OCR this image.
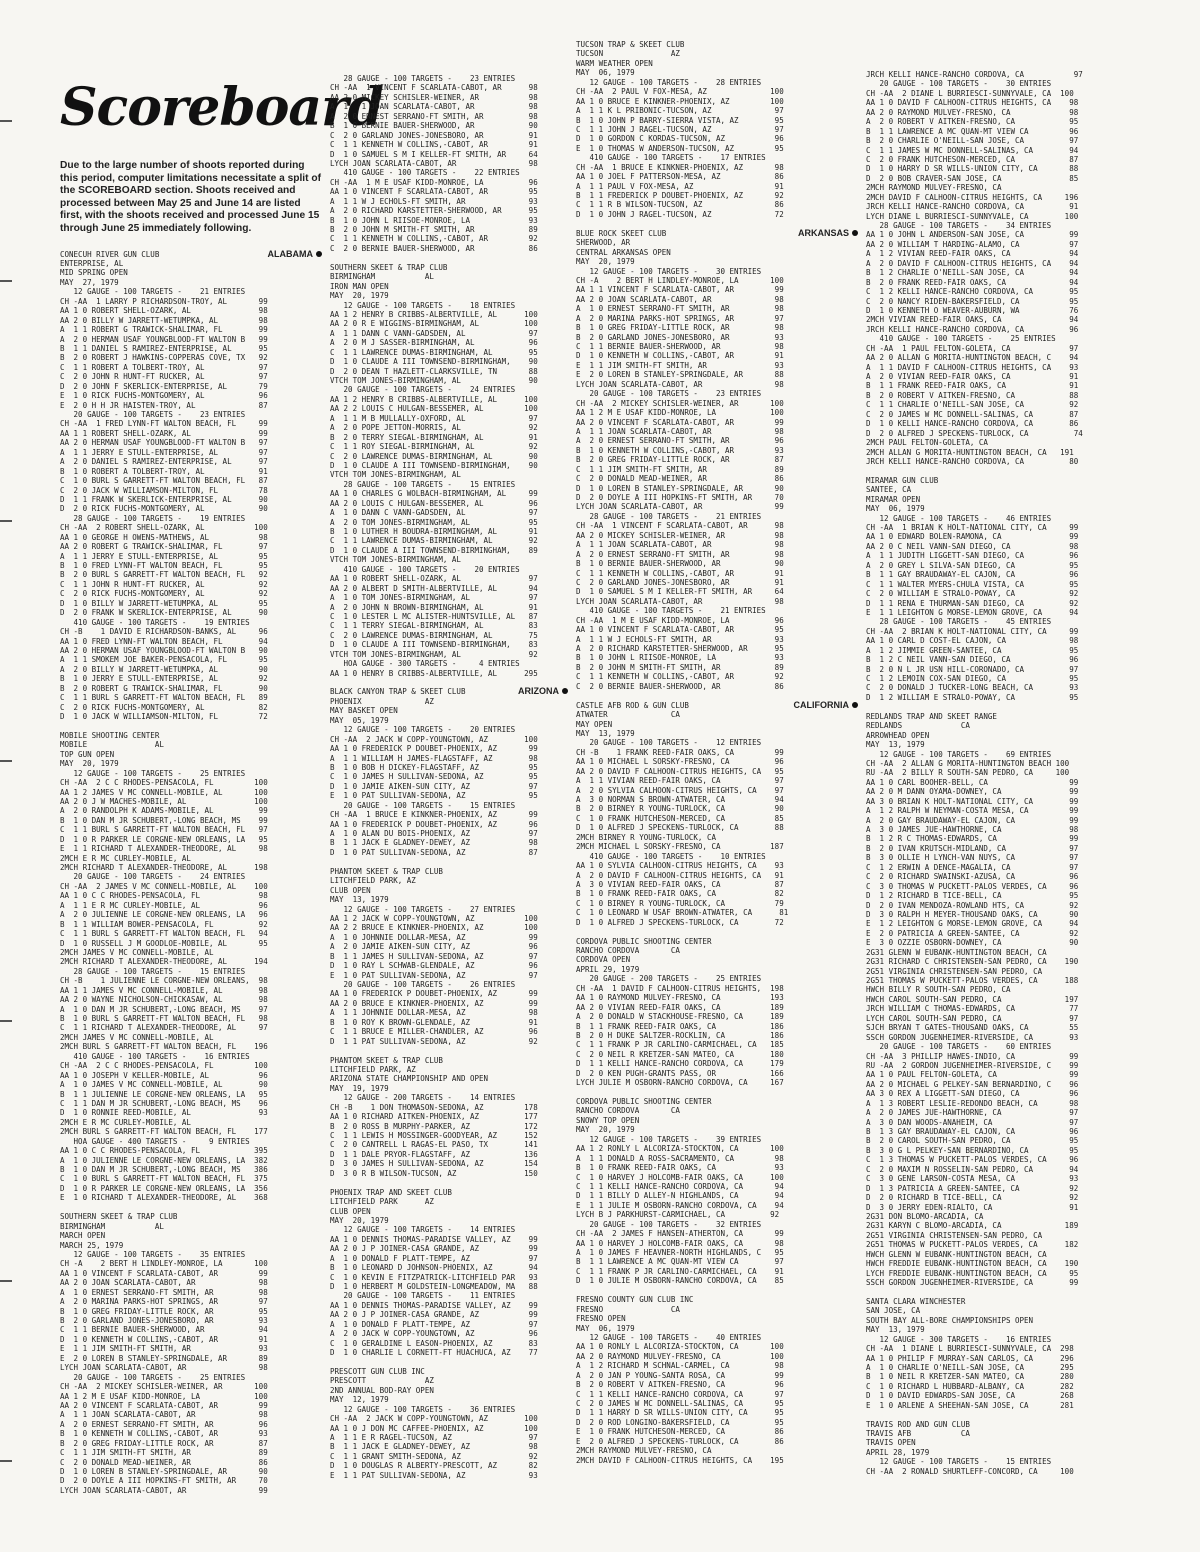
Scoreboard
Due to the large number of shoots reported during this period, computer limitations necessitate a split of the SCOREBOARD section. Shoots received and processed between May 25 and June 14 are listed first, with the shoots received and processed June 15 through June 25 immediately following.
CONECUH RIVER GUN CLUB	ALABAMA
ENTERPRISE, AL
MID SPRING OPEN
MAY  27, 1979
12 GAUGE - 100 TARGETS -    21 ENTRIES
CH -AA  1 LARRY P RICHARDSON-TROY, AL       99
AA 1 0 ROBERT SHELL-OZARK, AL               98
AA 2 0 BILLY W JARRETT-WETUMPKA, AL         98
A  1 1 ROBERT G TRAWICK-SHALIMAR, FL        99
A  2 0 HERMAN USAF YOUNGBLOOD-FT WALTON B   99
B  1 1 DANIEL S RAMIREZ-ENTERPRISE, AL      95
B  2 0 ROBERT J HAWKINS-COPPERAS COVE, TX   92
C  1 1 ROBERT A TOLBERT-TROY, AL            97
C  2 0 JOHN R HUNT-FT RUCKER, AL            97
D  2 0 JOHN F SKERLICK-ENTERPRISE, AL       79
E  1 0 RICK FUCHS-MONTGOMERY, AL            96
E  2 0 H H JR HAISTEN-TROY, AL              87
20 GAUGE - 100 TARGETS -    23 ENTRIES
CH -AA  1 FRED LYNN-FT WALTON BEACH, FL     99
AA 1 1 ROBERT SHELL-OZARK, AL               99
AA 2 0 HERMAN USAF YOUNGBLOOD-FT WALTON B   97
A  1 1 JERRY E STULL-ENTERPRISE, AL         97
A  2 0 DANIEL S RAMIREZ-ENTERPRISE, AL      97
B  1 0 ROBERT A TOLBERT-TROY, AL            91
C  1 0 BURL S GARRETT-FT WALTON BEACH, FL   87
C  2 0 JACK W WILLIAMSON-MILTON, FL         78
D  1 1 FRANK W SKERLICK-ENTERPRISE, AL      90
D  2 0 RICK FUCHS-MONTGOMERY, AL            90
28 GAUGE - 100 TARGETS -    19 ENTRIES
CH -AA  2 ROBERT SHELL-OZARK, AL           100
AA 1 0 GEORGE H OWENS-MATHEWS, AL           98
AA 2 0 ROBERT G TRAWICK-SHALIMAR, FL        97
A  1 1 JERRY E STULL-ENTERPRISE, AL         95
B  1 0 FRED LYNN-FT WALTON BEACH, FL        95
B  2 0 BURL S GARRETT-FT WALTON BEACH, FL   92
C  1 1 JOHN R HUNT-FT RUCKER, AL            92
C  2 0 RICK FUCHS-MONTGOMERY, AL            92
D  1 0 BILLY W JARRETT-WETUMPKA, AL         95
D  2 0 FRANK W SKERLICK-ENTERPRISE, AL      90
410 GAUGE - 100 TARGETS -    19 ENTRIES
CH -B    1 DAVID E RICHARDSON-BANKS, AL     96
AA 1 0 FRED LYNN-FT WALTON BEACH, FL        94
AA 2 0 HERMAN USAF YOUNGBLOOD-FT WALTON B   90
A  1 1 SMOKEM JOE BAKER-PENSACOLA, FL       95
A  2 0 BILLY W JARRETT-WETUMPKA, AL         90
B  1 0 JERRY E STULL-ENTERPRISE, AL         92
B  2 0 ROBERT G TRAWICK-SHALIMAR, FL        90
C  1 1 BURL S GARRETT-FT WALTON BEACH, FL   89
C  2 0 RICK FUCHS-MONTGOMERY, AL            82
D  1 0 JACK W WILLIAMSON-MILTON, FL         72
MOBILE SHOOTING CENTER
MOBILE               AL
TOP GUN OPEN
MAY  20, 1979
12 GAUGE - 100 TARGETS -    25 ENTRIES
CH -AA  2 C C RHODES-PENSACOLA, FL         100
AA 1 2 JAMES V MC CONNELL-MOBILE, AL       100
AA 2 0 J W MACHES-MOBILE, AL               100
A  2 0 RANDOLPH K ADAMS-MOBILE, AL          99
B  1 0 DAN M JR SCHUBERT,-LONG BEACH, MS    99
C  1 1 BURL S GARRETT-FT WALTON BEACH, FL   97
D  1 0 R PARKER LE CORGNE-NEW ORLEANS, LA   95
E  1 1 RICHARD T ALEXANDER-THEODORE, AL     98
2MCH E R MC CURLEY-MOBILE, AL
2MCH RICHARD T ALEXANDER-THEODORE, AL      198
20 GAUGE - 100 TARGETS -    24 ENTRIES
CH -AA  2 JAMES V MC CONNELL-MOBILE, AL    100
AA 1 0 C C RHODES-PENSACOLA, FL             98
A  1 1 E R MC CURLEY-MOBILE, AL             96
A  2 0 JULIENNE LE CORGNE-NEW ORLEANS, LA   96
B  1 1 WILLIAM BOWER-PENSACOLA, FL          92
C  1 1 BURL S GARRETT-FT WALTON BEACH, FL   94
D  1 0 RUSSELL J M GOODLOE-MOBILE, AL       95
2MCH JAMES V MC CONNELL-MOBILE, AL
2MCH RICHARD T ALEXANDER-THEODORE, AL      194
28 GAUGE - 100 TARGETS -    15 ENTRIES
CH -B    1 JULIENNE LE CORGNE-NEW ORLEANS,  98
AA 1 1 JAMES V MC CONNELL-MOBILE, AL        98
AA 2 0 WAYNE NICHOLSON-CHICKASAW, AL        98
A  1 0 DAN M JR SCHUBERT,-LONG BEACH, MS    97
B  1 0 BURL S GARRETT-FT WALTON BEACH, FL   98
C  1 1 RICHARD T ALEXANDER-THEODORE, AL     97
2MCH JAMES V MC CONNELL-MOBILE, AL
2MCH BURL S GARRETT-FT WALTON BEACH, FL    196
410 GAUGE - 100 TARGETS -    16 ENTRIES
CH -AA  2 C C RHODES-PENSACOLA, FL         100
AA 1 0 JOSEPH V KELLER-MOBILE, AL           96
A  1 0 JAMES V MC CONNELL-MOBILE, AL        90
B  1 1 JULIENNE LE CORGNE-NEW ORLEANS, LA   95
C  1 1 DAN M JR SCHUBERT,-LONG BEACH, MS    96
D  1 0 RONNIE REED-MOBILE, AL               93
2MCH E R MC CURLEY-MOBILE, AL
2MCH BURL S GARRETT-FT WALTON BEACH, FL    177
HOA GAUGE - 400 TARGETS -     9 ENTRIES
AA 1 0 C C RHODES-PENSACOLA, FL            395
A  1 0 JULIENNE LE CORGNE-NEW ORLEANS, LA  382
B  1 0 DAN M JR SCHUBERT,-LONG BEACH, MS   386
C  1 0 BURL S GARRETT-FT WALTON BEACH, FL  375
D  1 0 R PARKER LE CORGNE-NEW ORLEANS, LA  356
E  1 0 RICHARD T ALEXANDER-THEODORE, AL    368
SOUTHERN SKEET & TRAP CLUB
BIRMINGHAM           AL
MARCH OPEN
MARCH 25, 1979
12 GAUGE - 100 TARGETS -    35 ENTRIES
CH -A    2 BERT H LINDLEY-MONROE, LA       100
AA 1 0 VINCENT F SCARLATA-CABOT, AR         99
AA 2 0 JOAN SCARLATA-CABOT, AR              98
A  1 0 ERNEST SERRANO-FT SMITH, AR          98
A  2 0 MARINA PARKS-HOT SPRINGS, AR         97
B  1 0 GREG FRIDAY-LITTLE ROCK, AR          95
B  2 0 GARLAND JONES-JONESBORO, AR          93
C  1 1 BERNIE BAUER-SHERWOOD, AR            94
D  1 0 KENNETH W COLLINS,-CABOT, AR         91
E  1 1 JIM SMITH-FT SMITH, AR               93
E  2 0 LOREN B STANLEY-SPRINGDALE, AR       89
LYCH JOAN SCARLATA-CABOT, AR                98
20 GAUGE - 100 TARGETS -    25 ENTRIES
CH -AA  2 MICKEY SCHISLER-WEINER, AR       100
AA 1 2 M E USAF KIDD-MONROE, LA            100
AA 2 0 VINCENT F SCARLATA-CABOT, AR         99
A  1 1 JOAN SCARLATA-CABOT, AR              98
A  2 0 ERNEST SERRANO-FT SMITH, AR          96
B  1 0 KENNETH W COLLINS,-CABOT, AR         93
B  2 0 GREG FRIDAY-LITTLE ROCK, AR          87
C  1 1 JIM SMITH-FT SMITH, AR               89
C  2 0 DONALD MEAD-WEINER, AR               86
D  1 0 LOREN B STANLEY-SPRINGDALE, AR       90
D  2 0 DOYLE A III HOPKINS-FT SMITH, AR     70
LYCH JOAN SCARLATA-CABOT, AR                99
28 GAUGE - 100 TARGETS -    23 ENTRIES
CH -AA  1 VINCENT F SCARLATA-CABOT, AR      98
AA 2 0 MICKEY SCHISLER-WEINER, AR           98
A  1   1 JOAN SCARLATA-CABOT, AR            98
A  2 0 ERNEST SERRANO-FT SMITH, AR          98
B  1 0 BERNIE BAUER-SHERWOOD, AR            90
C  2 0 GARLAND JONES-JONESBORO, AR          91
C  1 1 KENNETH W COLLINS,-CABOT, AR         91
D  1 0 SAMUEL S M I KELLER-FT SMITH, AR     64
LYCH JOAN SCARLATA-CABOT, AR                98
410 GAUGE - 100 TARGETS -    22 ENTRIES
CH -AA  1 M E USAF KIDD-MONROE, LA          96
AA 1 0 VINCENT F SCARLATA-CABOT, AR         95
A  1 1 W J ECHOLS-FT SMITH, AR              93
A  2 0 RICHARD KARSTETTER-SHERWOOD, AR      95
B  1 0 JOHN L RIISOE-MONROE, LA             93
B  2 0 JOHN M SMITH-FT SMITH, AR            89
C  1 1 KENNETH W COLLINS,-CABOT, AR         92
C  2 0 BERNIE BAUER-SHERWOOD, AR            86
SOUTHERN SKEET & TRAP CLUB
BIRMINGHAM           AL
IRON MAN OPEN
MAY  20, 1979
12 GAUGE - 100 TARGETS -    18 ENTRIES
AA 1 2 HENRY B CRIBBS-ALBERTVILLE, AL      100
AA 2 0 R E WIGGINS-BIRMINGHAM, AL          100
A  1 1 DANN C VANN-GADSDEN, AL              97
A  2 0 M J SASSER-BIRMINGHAM, AL            96
C  1 1 LAWRENCE DUMAS-BIRMINGHAM, AL        95
D  1 0 CLAUDE A III TOWNSEND-BIRMINGHAM,    90
D  2 0 DEAN T HAZLETT-CLARKSVILLE, TN       88
VTCH TOM JONES-BIRMINGHAM, AL               90
20 GAUGE - 100 TARGETS -    24 ENTRIES
AA 1 2 HENRY B CRIBBS-ALBERTVILLE, AL      100
AA 2 2 LOUIS C HULGAN-BESSEMER, AL         100
A  1 1 M B MULLALLY-OXFORD, AL              97
A  2 0 POPE JETTON-MORRIS, AL               92
B  2 0 TERRY SIEGAL-BIRMINGHAM, AL          91
C  1 1 ROY SIEGAL-BIRMINGHAM, AL            92
C  2 0 LAWRENCE DUMAS-BIRMINGHAM, AL        90
D  1 0 CLAUDE A III TOWNSEND-BIRMINGHAM,    90
VTCH TOM JONES-BIRMINGHAM, AL
28 GAUGE - 100 TARGETS -    15 ENTRIES
AA 1 0 CHARLES G WOLBACH-BIRMINGHAM, AL     99
AA 2 0 LOUIS C HULGAN-BESSEMER, AL          96
A  1 0 DANN C VANN-GADSDEN, AL              97
A  2 0 TOM JONES-BIRMINGHAM, AL             95
B  1 0 LUTHER H BOUDRA-BIRMINGHAM, AL       91
C  1 1 LAWRENCE DUMAS-BIRMINGHAM, AL        92
D  1 0 CLAUDE A III TOWNSEND-BIRMINGHAM,    89
VTCH TOM JONES-BIRMINGHAM, AL
410 GAUGE - 100 TARGETS -    20 ENTRIES
AA 1 0 ROBERT SHELL-OZARK, AL               97
AA 2 0 ALBERT D SMITH-ALBERTVILLE, AL       94
A  1 0 TOM JONES-BIRMINGHAM, AL             97
A  2 0 JOHN N BROWN-BIRMINGHAM, AL          91
C  1 0 LESTER L MC ALISTER-HUNTSVILLE, AL   87
C  1 1 TERRY SIEGAL-BIRMINGHAM, AL          83
C  2 0 LAWRENCE DUMAS-BIRMINGHAM, AL        75
D  1 0 CLAUDE A III TOWNSEND-BIRMINGHAM,    83
VTCH TOM JONES-BIRMINGHAM, AL               92
HOA GAUGE - 300 TARGETS -     4 ENTRIES
AA 1 0 HENRY B CRIBBS-ALBERTVILLE, AL      295
BLACK CANYON TRAP & SKEET CLUB	ARIZONA
PHOENIX              AZ
MAY BASKET OPEN
MAY  05, 1979
12 GAUGE - 100 TARGETS -    20 ENTRIES
CH -AA  2 JACK W COPP-YOUNGTOWN, AZ        100
AA 1 0 FREDERICK P DOUBET-PHOENIX, AZ       99
A  1 1 WILLIAM H JAMES-FLAGSTAFF, AZ        98
B  1 0 BOB H DICKEY-FLAGSTAFF, AZ           95
C  1 0 JAMES H SULLIVAN-SEDONA, AZ          95
D  1 0 JAMIE AIKEN-SUN CITY, AZ             97
E  1 0 PAT SULLIVAN-SEDONA, AZ              95
20 GAUGE - 100 TARGETS -    15 ENTRIES
CH -AA  1 BRUCE E KINKNER-PHOENIX, AZ       99
AA 1 0 FREDERICK P DOUBET-PHOENIX, AZ       96
A  1 0 ALAN DU BOIS-PHOENIX, AZ             97
B  1 1 JACK E GLADNEY-DEWEY, AZ             98
D  1 0 PAT SULLIVAN-SEDONA, AZ              87
PHANTOM SKEET & TRAP CLUB
LITCHFIELD PARK, AZ
CLUB OPEN
MAY  13, 1979
12 GAUGE - 100 TARGETS -    27 ENTRIES
AA 1 2 JACK W COPP-YOUNGTOWN, AZ           100
AA 2 2 BRUCE E KINKNER-PHOENIX, AZ         100
A  1 0 JOHNNIE DOLLAR-MESA, AZ              99
A  2 0 JAMIE AIKEN-SUN CITY, AZ             96
B  1 1 JAMES H SULLIVAN-SEDONA, AZ          97
D  1 0 RAY L SCHWAB-GLENDALE, AZ            96
E  1 0 PAT SULLIVAN-SEDONA, AZ              97
20 GAUGE - 100 TARGETS -    26 ENTRIES
AA 1 0 FREDERICK P DOUBET-PHOENIX, AZ       99
AA 2 0 BRUCE E KINKNER-PHOENIX, AZ          99
A  1 1 JOHNNIE DOLLAR-MESA, AZ              98
B  1 0 ROY K BROWN-GLENDALE, AZ             91
C  1 1 BRUCE E MILLER-CHANDLER, AZ          96
D  1 1 PAT SULLIVAN-SEDONA, AZ              92
PHANTOM SKEET & TRAP CLUB
LITCHFIELD PARK, AZ
ARIZONA STATE CHAMPIONSHIP AND OPEN
MAY  19, 1979
12 GAUGE - 200 TARGETS -    14 ENTRIES
CH -B    1 DON THOMASON-SEDONA, AZ         178
AA 1 0 RICHARD AITKEN-PHOENIX, AZ          177
B  2 0 ROSS B MURPHY-PARKER, AZ            172
C  1 1 LEWIS H MOSSINGER-GOODYEAR, AZ      152
C  2 0 CANTRELL L RAGAS-EL PASO, TX        141
D  1 1 DALE PRYOR-FLAGSTAFF, AZ            136
D  3 0 JAMES H SULLIVAN-SEDONA, AZ         154
D  3 0 R B WILSON-TUCSON, AZ               150
PHOENIX TRAP AND SKEET CLUB
LITCHFIELD PARK      AZ
CLUB OPEN
MAY  20, 1979
12 GAUGE - 100 TARGETS -    14 ENTRIES
AA 1 0 DENNIS THOMAS-PARADISE VALLEY, AZ    99
AA 2 0 J P JOINER-CASA GRANDE, AZ           99
A  1 0 DONALD F PLATT-TEMPE, AZ             97
B  1 0 LEONARD D JOHNSON-PHOENIX, AZ        94
C  1 0 KEVIN E FITZPATRICK-LITCHFIELD PAR   93
D  1 0 HERBERT M GOLDSTEIN-LONGMEADOW, MA   88
20 GAUGE - 100 TARGETS -    11 ENTRIES
AA 1 0 DENNIS THOMAS-PARADISE VALLEY, AZ    99
AA 2 0 J P JOINER-CASA GRANDE, AZ           99
A  1 0 DONALD F PLATT-TEMPE, AZ             97
A  2 0 JACK W COPP-YOUNGTOWN, AZ            96
C  1 0 GERALDINE L EASON-PHOENIX, AZ        83
D  1 0 CHARLIE L CORNETT-FT HUACHUCA, AZ    77
PRESCOTT GUN CLUB INC
PRESCOTT             AZ
2ND ANNUAL BOD-RAY OPEN
MAY  12, 1979
12 GAUGE - 100 TARGETS -    36 ENTRIES
CH -AA  2 JACK W COPP-YOUNGTOWN, AZ        100
AA 1 0 J DON MC CAFFEE-PHOENIX, AZ         100
A  1 1 E R RAGEL-TUCSON, AZ                 97
B  1 1 JACK E GLADNEY-DEWEY, AZ             98
C  1 1 GRANT SMITH-SEDONA, AZ               92
D  1 0 DOUGLAS R ALBERTY-PRESCOTT, AZ       82
E  1 1 PAT SULLIVAN-SEDONA, AZ              93
TUCSON TRAP & SKEET CLUB
TUCSON               AZ
WARM WEATHER OPEN
MAY  06, 1979
12 GAUGE - 100 TARGETS -    28 ENTRIES
CH -AA  2 PAUL V FOX-MESA, AZ              100
AA 1 0 BRUCE E KINKNER-PHOENIX, AZ         100
A  1 1 K L PRIBONIC-TUCSON, AZ              97
B  1 0 JOHN P BARRY-SIERRA VISTA, AZ        95
C  1 1 JOHN J RAGEL-TUCSON, AZ              97
D  1 0 GORDON C KORDAS-TUCSON, AZ           96
E  1 0 THOMAS W ANDERSON-TUCSON, AZ         95
410 GAUGE - 100 TARGETS -    17 ENTRIES
CH -AA  1 BRUCE E KINKNER-PHOENIX, AZ       98
AA 1 0 JOEL F PATTERSON-MESA, AZ            86
A  1 1 PAUL V FOX-MESA, AZ                  91
B  1 1 FREDERICK P DOUBET-PHOENIX, AZ       92
C  1 1 R B WILSON-TUCSON, AZ                86
D  1 0 JOHN J RAGEL-TUCSON, AZ              72
BLUE ROCK SKEET CLUB	ARKANSAS
SHERWOOD, AR
CENTRAL ARKANSAS OPEN
MAY  20, 1979
12 GAUGE - 100 TARGETS -    30 ENTRIES
CH -A    2 BERT H LINDLEY-MONROE, LA       100
AA 1 1 VINCENT F SCARLATA-CABOT, AR         99
AA 2 0 JOAN SCARLATA-CABOT, AR              98
A  1 0 ERNEST SERRANO-FT SMITH, AR          98
A  2 0 MARINA PARKS-HOT SPRINGS, AR         97
B  1 0 GREG FRIDAY-LITTLE ROCK, AR          98
B  2 0 GARLAND JONES-JONESBORO, AR          93
C  1 1 BERNIE BAUER-SHERWOOD, AR            98
D  1 0 KENNETH W COLLINS,-CABOT, AR         91
E  1 1 JIM SMITH-FT SMITH, AR               93
E  2 0 LOREN B STANLEY-SPRINGDALE, AR       88
LYCH JOAN SCARLATA-CABOT, AR                98
20 GAUGE - 100 TARGETS -    23 ENTRIES
CH -AA  2 MICKEY SCHISLER-WEINER, AR       100
AA 1 2 M E USAF KIDD-MONROE, LA            100
AA 2 0 VINCENT F SCARLATA-CABOT, AR         99
A  1 1 JOAN SCARLATA-CABOT, AR              98
A  2 0 ERNEST SERRANO-FT SMITH, AR          96
B  1 0 KENNETH W COLLINS,-CABOT, AR         93
B  2 0 GREG FRIDAY-LITTLE ROCK, AR          87
C  1 1 JIM SMITH-FT SMITH, AR               89
C  2 0 DONALD MEAD-WEINER, AR               86
D  1 0 LOREN B STANLEY-SPRINGDALE, AR       90
D  2 0 DOYLE A III HOPKINS-FT SMITH, AR     70
LYCH JOAN SCARLATA-CABOT, AR                99
28 GAUGE - 100 TARGETS -    21 ENTRIES
CH -AA  1 VINCENT F SCARLATA-CABOT, AR      98
AA 2 0 MICKEY SCHISLER-WEINER, AR           98
A  1 1 JOAN SCARLATA-CABOT, AR              98
A  2 0 ERNEST SERRANO-FT SMITH, AR          98
B  1 0 BERNIE BAUER-SHERWOOD, AR            90
C  1 1 KENNETH W COLLINS,-CABOT, AR         91
C  2 0 GARLAND JONES-JONESBORO, AR          91
D  1 0 SAMUEL S M I KELLER-FT SMITH, AR     64
LYCH JOAN SCARLATA-CABOT, AR                98
410 GAUGE - 100 TARGETS -    21 ENTRIES
CH -AA  1 M E USAF KIDD-MONROE, LA          96
AA 1 0 VINCENT F SCARLATA-CABOT, AR         95
A  1 1 W J ECHOLS-FT SMITH, AR              93
A  2 0 RICHARD KARSTETTER-SHERWOOD, AR      95
B  1 0 JOHN L RIISOE-MONROE, LA             93
B  2 0 JOHN M SMITH-FT SMITH, AR            89
C  1 1 KENNETH W COLLINS,-CABOT, AR         92
C  2 0 BERNIE BAUER-SHERWOOD, AR            86
CASTLE AFB ROD & GUN CLUB	CALIFORNIA
ATWATER              CA
MAY OPEN
MAY  13, 1979
20 GAUGE - 100 TARGETS -    12 ENTRIES
CH -B    1 FRANK REED-FAIR OAKS, CA         99
AA 1 0 MICHAEL L SORSKY-FRESNO, CA          96
AA 2 0 DAVID F CALHOON-CITRUS HEIGHTS, CA   95
A  1 1 VIVIAN REED-FAIR OAKS, CA            97
A  2 0 SYLVIA CALHOON-CITRUS HEIGHTS, CA    97
A  3 0 NORMAN S BROWN-ATWATER, CA           94
B  2 0 BIRNEY R YOUNG-TURLOCK, CA           90
C  1 0 FRANK HUTCHESON-MERCED, CA           85
D  1 0 ALFRED J SPECKENS-TURLOCK, CA        88
2MCH BIRNEY R YOUNG-TURLOCK, CA
2MCH MICHAEL L SORSKY-FRESNO, CA           187
410 GAUGE - 100 TARGETS -    10 ENTRIES
AA 1 0 SYLVIA CALHOON-CITRUS HEIGHTS, CA    93
A  2 0 DAVID F CALHOON-CITRUS HEIGHTS, CA   91
A  3 0 VIVIAN REED-FAIR OAKS, CA            87
B  1 0 FRANK REED-FAIR OAKS, CA             82
C  1 0 BIRNEY R YOUNG-TURLOCK, CA           79
C  1 0 LEONARD W USAF BROWN-ATWATER, CA      81
D  1 0 ALFRED J SPECKENS-TURLOCK, CA        72
CORDOVA PUBLIC SHOOTING CENTER
RANCHO CORDOVA       CA
CORDOVA OPEN
APRIL 29, 1979
20 GAUGE - 200 TARGETS -    25 ENTRIES
CH -AA  1 DAVID F CALHOON-CITRUS HEIGHTS,  198
AA 1 0 RAYMOND MULVEY-FRESNO, CA           193
AA 2 0 VIVIAN REED-FAIR OAKS, CA           189
A  2 0 DONALD W STACKHOUSE-FRESNO, CA      189
B  1 1 FRANK REED-FAIR OAKS, CA            186
B  2 0 H DUKE SALTZER-ROCKLIN, CA          186
C  1 1 FRANK P JR CARLINO-CARMICHAEL, CA   185
C  2 0 NEIL R KRETZER-SAN MATEO, CA        180
D  1 1 KELLI HANCE-RANCHO CORDOVA, CA      179
D  2 0 KEN PUGH-GRANTS PASS, OR            166
LYCH JULIE M OSBORN-RANCHO CORDOVA, CA     167
CORDOVA PUBLIC SHOOTING CENTER
RANCHO CORDOVA       CA
SNOWY TOP OPEN
MAY  20, 1979
12 GAUGE - 100 TARGETS -    39 ENTRIES
AA 1 2 RONLY L ALCORIZA-STOCKTON, CA       100
A  1 1 DONALD A ROSS-SACRAMENTO, CA         98
B  1 0 FRANK REED-FAIR OAKS, CA             93
C  1 0 HARVEY J HOLCOMB-FAIR OAKS, CA      100
C  1 1 KELLI HANCE-RANCHO CORDOVA, CA       94
D  1 1 BILLY D ALLEY-N HIGHLANDS, CA        94
E  1 1 JULIE M OSBORN-RANCHO CORDOVA, CA    94
LYCH B J PARKHURST-CARMICHAEL, CA          92
20 GAUGE - 100 TARGETS -    32 ENTRIES
CH -AA  2 JAMES F HANSEN-ATHERTON, CA       99
AA 1 0 HARVEY J HOLCOMB-FAIR OAKS, CA       98
A  1 0 JAMES F HEAVNER-NORTH HIGHLANDS, C   95
B  1 1 LAWRENCE A MC QUAN-MT VIEW CA        97
C  1 1 FRANK P JR CARLINO-CARMICHAEL, CA    91
D  1 0 JULIE M OSBORN-RANCHO CORDOVA, CA    85
FRESNO COUNTY GUN CLUB INC
FRESNO               CA
FRESNO OPEN
MAY  06, 1979
12 GAUGE - 100 TARGETS -    40 ENTRIES
AA 1 0 RONLY L ALCORIZA-STOCKTON, CA       100
AA 2 0 RAYMOND MULVEY-FRESNO, CA           100
A  1 2 RICHARD M SCHNAL-CARMEL, CA          98
A  2 0 JAN P YOUNG-SANTA ROSA, CA           99
B  2 0 ROBERT V AITKEN-FRESNO, CA           96
C  1 1 KELLI HANCE-RANCHO CORDOVA, CA       97
C  2 0 JAMES W MC DONNELL-SALINAS, CA       95
D  1 1 HARRY D SR WILLS-UNION CITY, CA      95
D  2 0 ROD LONGINO-BAKERSFIELD, CA          95
E  1 0 FRANK HUTCHESON-MERCED, CA           86
E  2 0 ALFRED J SPECKENS-TURLOCK, CA        86
2MCH RAYMOND MULVEY-FRESNO, CA
2MCH DAVID F CALHOON-CITRUS HEIGHTS, CA    195
JRCH KELLI HANCE-RANCHO CORDOVA, CA           97
20 GAUGE - 100 TARGETS -    30 ENTRIES
CH -AA  2 DIANE L BURRIESCI-SUNNYVALE, CA  100
AA 1 0 DAVID F CALHOON-CITRUS HEIGHTS, CA    98
AA 2 0 RAYMOND MULVEY-FRESNO, CA             98
A  2 0 ROBERT V AITKEN-FRESNO, CA            95
B  1 1 LAWRENCE A MC QUAN-MT VIEW CA         96
B  2 0 CHARLIE O'NEILL-SAN JOSE, CA          97
C  1 1 JAMES W MC DONNELL-SALINAS, CA        94
C  2 0 FRANK HUTCHESON-MERCED, CA            87
D  1 0 HARRY D SR WILLS-UNION CITY, CA       88
D  2 0 BOB CRAVER-SAN JOSE, CA               85
2MCH RAYMOND MULVEY-FRESNO, CA
2MCH DAVID F CALHOON-CITRUS HEIGHTS, CA     196
JRCH KELLI HANCE-RANCHO CORDOVA, CA          91
LYCH DIANE L BURRIESCI-SUNNYVALE, CA        100
28 GAUGE - 100 TARGETS -    34 ENTRIES
AA 1 0 JOHN L ANDERSON-SAN JOSE, CA          99
AA 2 0 WILLIAM T HARDING-ALAMO, CA           97
A  1 2 VIVIAN REED-FAIR OAKS, CA             94
A  2 0 DAVID F CALHOON-CITRUS HEIGHTS, CA    94
B  1 2 CHARLIE O'NEILL-SAN JOSE, CA          94
B  2 0 FRANK REED-FAIR OAKS, CA              94
C  1 2 KELLI HANCE-RANCHO CORDOVA, CA        95
C  2 0 NANCY RIDEN-BAKERSFIELD, CA           95
D  1 0 KENNETH O WEAVER-AUBURN, WA           76
2MCH VIVIAN REED-FAIR OAKS, CA               94
JRCH KELLI HANCE-RANCHO CORDOVA, CA          96
410 GAUGE - 100 TARGETS -    25 ENTRIES
CH -AA  1 PAUL FELTON-GOLETA, CA             97
AA 2 0 ALLAN G MORITA-HUNTINGTON BEACH, C    94
A  1 1 DAVID F CALHOON-CITRUS HEIGHTS, CA    93
A  2 0 VIVIAN REED-FAIR OAKS, CA             91
B  1 1 FRANK REED-FAIR OAKS, CA              91
B  2 0 ROBERT V AITKEN-FRESNO, CA            88
C  1 1 CHARLIE O'NEILL-SAN JOSE, CA          92
C  2 0 JAMES W MC DONNELL-SALINAS, CA        87
D  1 0 KELLI HANCE-RANCHO CORDOVA, CA        86
D  2 0 ALFRED J SPECKENS-TURLOCK, CA          74
2MCH PAUL FELTON-GOLETA, CA
2MCH ALLAN G MORITA-HUNTINGTON BEACH, CA   191
JRCH KELLI HANCE-RANCHO CORDOVA, CA          80
MIRAMAR GUN CLUB
SANTEE, CA
MIRAMAR OPEN
MAY  06, 1979
12 GAUGE - 100 TARGETS -    46 ENTRIES
CH -AA  1 BRIAN K HOLT-NATIONAL CITY, CA     99
AA 1 0 EDWARD BOLEN-RAMONA, CA               99
AA 2 0 C NEIL VANN-SAN DIEGO, CA             98
A  1 1 JUDITH LIGGETT-SAN DIEGO, CA          96
A  2 0 GREY L SILVA-SAN DIEGO, CA            95
B  1 1 GAY BRAUDAWAY-EL CAJON, CA            96
C  1 1 WALTER MYERS-CHULA VISTA, CA          95
C  2 0 WILLIAM E STRALO-POWAY, CA            92
D  1 1 RENA E THURMAN-SAN DIEGO, CA          92
E  1 1 LEIGHTON G MORSE-LEMON GROVE, CA      94
28 GAUGE - 100 TARGETS -    45 ENTRIES
CH -AA  2 BRIAN K HOLT-NATIONAL CITY, CA     99
AA 1 0 CARL D COST-EL CAJON, CA              98
A  1 2 JIMMIE GREEN-SANTEE, CA               95
B  1 2 C NEIL VANN-SAN DIEGO, CA             96
B  2 0 N L JR USN HILL-CORONADO, CA          97
C  1 2 LEMOIN COX-SAN DIEGO, CA              95
C  2 0 DONALD J TUCKER-LONG BEACH, CA        93
D  1 2 WILLIAM E STRALO-POWAY, CA            95
REDLANDS TRAP AND SKEET RANGE
REDLANDS             CA
ARROWHEAD OPEN
MAY  13, 1979
12 GAUGE - 100 TARGETS -    69 ENTRIES
CH -AA  2 ALLAN G MORITA-HUNTINGTON BEACH 100
RU -AA  2 BILLY R SOUTH-SAN PEDRO, CA     100
AA 1 0 CARL BOOHER-BELL, CA                  99
AA 2 0 M DANN OYAMA-DOWNEY, CA               99
AA 3 0 BRIAN K HOLT-NATIONAL CITY, CA        99
A  1 2 RALPH W NEYMAN-COSTA MESA, CA         99
A  2 0 GAY BRAUDAWAY-EL CAJON, CA            99
A  3 0 JAMES JUE-HAWTHORNE, CA               98
B  1 2 R C THOMAS-EDWARDS, CA                99
B  2 0 IVAN KRUTSCH-MIDLAND, CA              97
B  3 0 OLLIE H LYNCH-VAN NUYS, CA            97
C  1 2 ERWIN A DENCE-MAGALIA, CA             97
C  2 0 RICHARD SWAINSKI-AZUSA, CA            96
C  3 0 THOMAS W PUCKETT-PALOS VERDES, CA     96
D  1 2 RICHARD B TICE-BELL, CA               95
D  2 0 IVAN MENDOZA-ROWLAND HTS, CA          92
D  3 0 RALPH H MEYER-THOUSAND OAKS, CA       90
E  1 2 LEIGHTON G MORSE-LEMON GROVE, CA      94
E  2 0 PATRICIA A GREEN-SANTEE, CA           92
E  3 0 OZZIE OSBORN-DOWNEY, CA               90
2G31 GLENN W EUBANK-HUNTINGTON BEACH, CA
2G31 RICHARD C CHRISTENSEN-SAN PEDRO, CA    190
2G51 VIRGINIA CHRISTENSEN-SAN PEDRO, CA
2G51 THOMAS W PUCKETT-PALOS VERDES, CA      188
HWCH BILLY R SOUTH-SAN PEDRO, CA
HWCH CAROL SOUTH-SAN PEDRO, CA              197
JRCH WILLIAM C THOMAS-EDWARDS, CA            77
LYCH CAROL SOUTH-SAN PEDRO, CA               97
SJCH BRYAN T GATES-THOUSAND OAKS, CA         55
SSCH GORDON JUGENHEIMER-RIVERSIDE, CA        93
20 GAUGE - 100 TARGETS -    60 ENTRIES
CH -AA  3 PHILLIP HAWES-INDIO, CA            99
RU -AA  2 GORDON JUGENHEIMER-RIVERSIDE, C    99
AA 1 0 PAUL FELTON-GOLETA, CA                99
AA 2 0 MICHAEL G PELKEY-SAN BERNARDINO, C    96
AA 3 0 REX A LIGGETT-SAN DIEGO, CA           96
A  1 3 ROBERT LESLIE-REDONDO BEACH, CA       98
A  2 0 JAMES JUE-HAWTHORNE, CA               97
A  3 0 DAN WOODS-ANAHEIM, CA                 97
B  1 3 GAY BRAUDAWAY-EL CAJON, CA            96
B  2 0 CAROL SOUTH-SAN PEDRO, CA             95
B  3 0 G L PELKEY-SAN BERNARDINO, CA         95
C  1 3 THOMAS W PUCKETT-PALOS VERDES, CA     96
C  2 0 MAXIM N ROSSELIN-SAN PEDRO, CA        94
C  3 0 GENE LARSON-COSTA MESA, CA            93
D  1 3 PATRICIA A GREEN-SANTEE, CA           92
D  2 0 RICHARD B TICE-BELL, CA               92
D  3 0 JERRY EDEN-RIALTO, CA                 91
2G31 DON BLOMO-ARCADIA, CA
2G31 KARYN C BLOMO-ARCADIA, CA              189
2G51 VIRGINIA CHRISTENSEN-SAN PEDRO, CA
2G51 THOMAS W PUCKETT-PALOS VERDES, CA      182
HWCH GLENN W EUBANK-HUNTINGTON BEACH, CA
HWCH FREDDIE EUBANK-HUNTINGTON BEACH, CA    190
LYCH FREDDIE EUBANK-HUNTINGTON BEACH, CA     95
SSCH GORDON JUGENHEIMER-RIVERSIDE, CA        99
SANTA CLARA WINCHESTER
SAN JOSE, CA
SOUTH BAY ALL-BORE CHAMPIONSHIPS OPEN
MAY  13, 1979
12 GAUGE - 300 TARGETS -    16 ENTRIES
CH -AA  1 DIANE L BURRIESCI-SUNNYVALE, CA  298
AA 1 0 PHILIP F MURRAY-SAN CARLOS, CA      296
A  1 0 CHARLIE O'NEILL-SAN JOSE, CA        295
B  1 0 NEIL R KRETZER-SAN MATEO, CA        280
C  1 0 RICHARD L HUBBARD-ALBANY, CA        282
D  1 0 DAVID EDWARDS-SAN JOSE, CA          268
E  1 0 ARLENE A SHEEHAN-SAN JOSE, CA       281
TRAVIS ROD AND GUN CLUB
TRAVIS AFB           CA
TRAVIS OPEN
APRIL 28, 1979
12 GAUGE - 100 TARGETS -    15 ENTRIES
CH -AA  2 RONALD SHURTLEFF-CONCORD, CA     100
